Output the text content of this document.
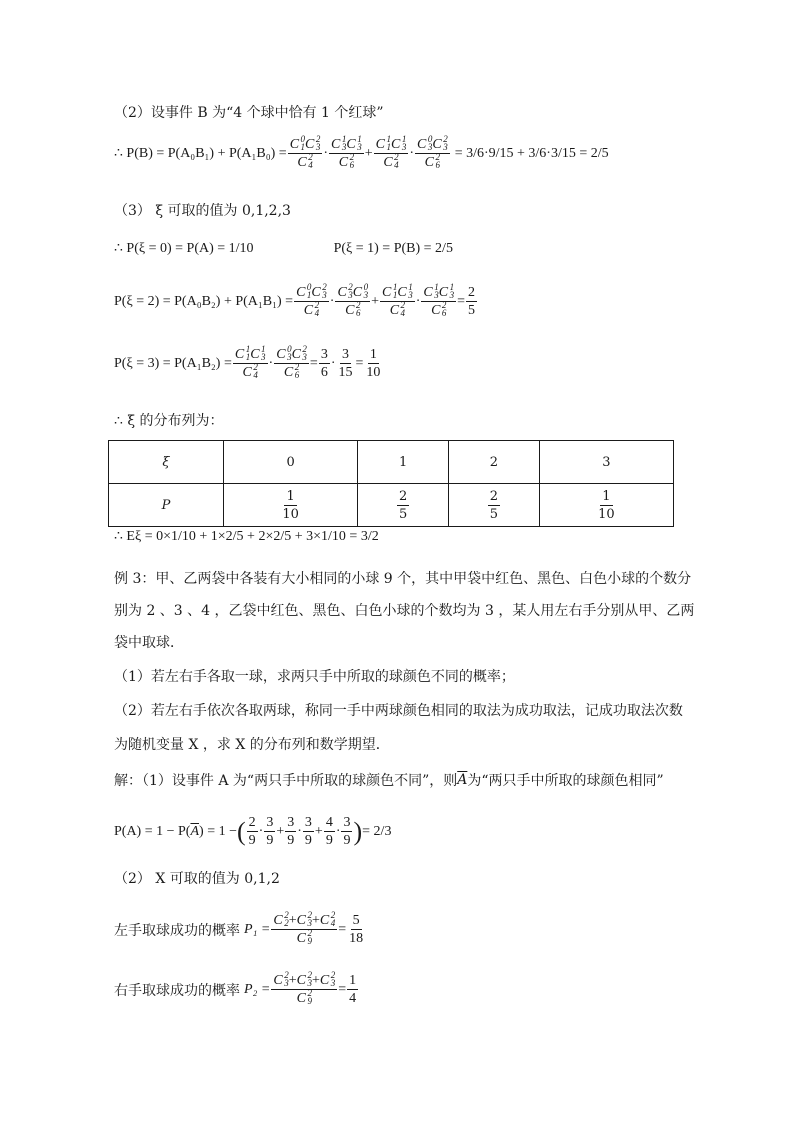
（2）设事件 B 为“4 个球中恰有 1 个红球”
∴ P(B) = P(A₀B₁) + P(A₁B₀) = C 0
1 C 2
3
C 2
4 ·
C 1
3 C 1
3
C 2
6
+
C 1
1 C 1
3
C 2
4
· C 0
3 C 2
3
C 2
6 = 3/6·9/15 + 3/6·3/15 = 2/5
（3） ξ 可取的值为 0,1,2,3
∴ P(ξ = 0) = P(A) = 1/10	P(ξ = 1) = P(B) = 2/5
P(ξ = 2) = P(A₀B₂) + P(A₁B₁) = C 0
1 C 2
3
C 2
4 ·
C 2
3 C 0
3
C 2
6
+
C 1
1 C 1
3
C 2
4
·
C 1
3 C 1
3
C 2
6
=
2
5
P(ξ = 3) = P(A₁B₂) = C 1
1 C 1
3
C 2
4 ·
C 0
3 C 2
3
C 2
6
=
3
6
·
3
15
=
1
10
∴ ξ 的分布列为：
ξ	0	1	2	3
P	$\frac{1}{10}$	$\frac{2}{5}$	$\frac{2}{5}$	$\frac{1}{10}$
∴ Eξ = 0×1/10 + 1×2/5 + 2×2/5 + 3×1/10 = 3/2
例 3：甲、乙两袋中各装有大小相同的小球 9 个，其中甲袋中红色、黑色、白色小球的个数分
别为 2 、3 、4 ，乙袋中红色、黑色、白色小球的个数均为 3 ，某人用左右手分别从甲、乙两
袋中取球．
（1）若左右手各取一球，求两只手中所取的球颜色不同的概率；
（2）若左右手依次各取两球，称同一手中两球颜色相同的取法为成功取法，记成功取法次数
为随机变量 X ，求 X 的分布列和数学期望．
解：（1）设事件 A 为“两只手中所取的球颜色不同”，则 $\overline{A}$ 为“两只手中所取的球颜色相同”
P(A) = 1 − P( $\overline{A}$ ) = 1 − ( 2
9
·
3
9
+
3
9
·
3
9
+
4
9
·
3
9 ) = 2/3
（2） X 可取的值为 0,1,2
左手取球成功的概率 P₁ = C 2
2 +C 2
3 +C 2
4
C 2
9 =
5
18
右手取球成功的概率 P₂ = C 2
3 +C 2
3 +C 2
3
C 2
9 =
1
4
